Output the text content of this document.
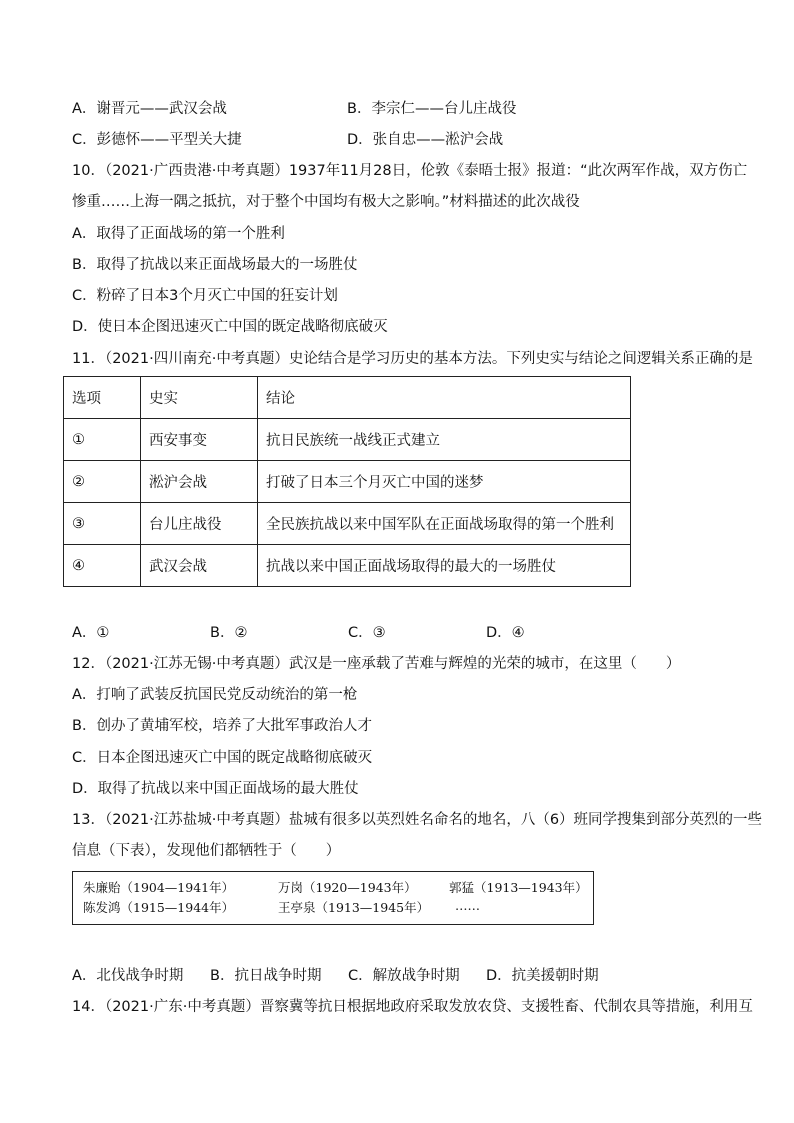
A．谢晋元——武汉会战	B．李宗仁——台儿庄战役
C．彭德怀——平型关大捷	D．张自忠——淞沪会战
10．（2021·广西贵港·中考真题）1937年11月28日，伦敦《泰晤士报》报道：“此次两军作战，双方伤亡
惨重……上海一隅之抵抗，对于整个中国均有极大之影响。”材料描述的此次战役
A．取得了正面战场的第一个胜利
B．取得了抗战以来正面战场最大的一场胜仗
C．粉碎了日本3个月灭亡中国的狂妄计划
D．使日本企图迅速灭亡中国的既定战略彻底破灭
11．（2021·四川南充·中考真题）史论结合是学习历史的基本方法。下列史实与结论之间逻辑关系正确的是
选项	史实	结论
①	西安事变	抗日民族统一战线正式建立
②	淞沪会战	打破了日本三个月灭亡中国的迷梦
③	台儿庄战役	全民族抗战以来中国军队在正面战场取得的第一个胜利
④	武汉会战	抗战以来中国正面战场取得的最大的一场胜仗
A．①	B．②	C．③	D．④
12．（2021·江苏无锡·中考真题）武汉是一座承载了苦难与辉煌的光荣的城市，在这里（　　）
A．打响了武装反抗国民党反动统治的第一枪
B．创办了黄埔军校，培养了大批军事政治人才
C．日本企图迅速灭亡中国的既定战略彻底破灭
D．取得了抗战以来中国正面战场的最大胜仗
13．（2021·江苏盐城·中考真题）盐城有很多以英烈姓名命名的地名，八（6）班同学搜集到部分英烈的一些
信息（下表），发现他们都牺牲于（　　）
朱廉贻（1904—1941年）	万岗（1920—1943年）	郭猛（1913—1943年）
陈发鸿（1915—1944年）	王亭泉（1913—1945年） ……
A．北伐战争时期 B．抗日战争时期 C．解放战争时期 D．抗美援朝时期
14．（2021·广东·中考真题）晋察冀等抗日根据地政府采取发放农贷、支援牲畜、代制农具等措施，利用互
